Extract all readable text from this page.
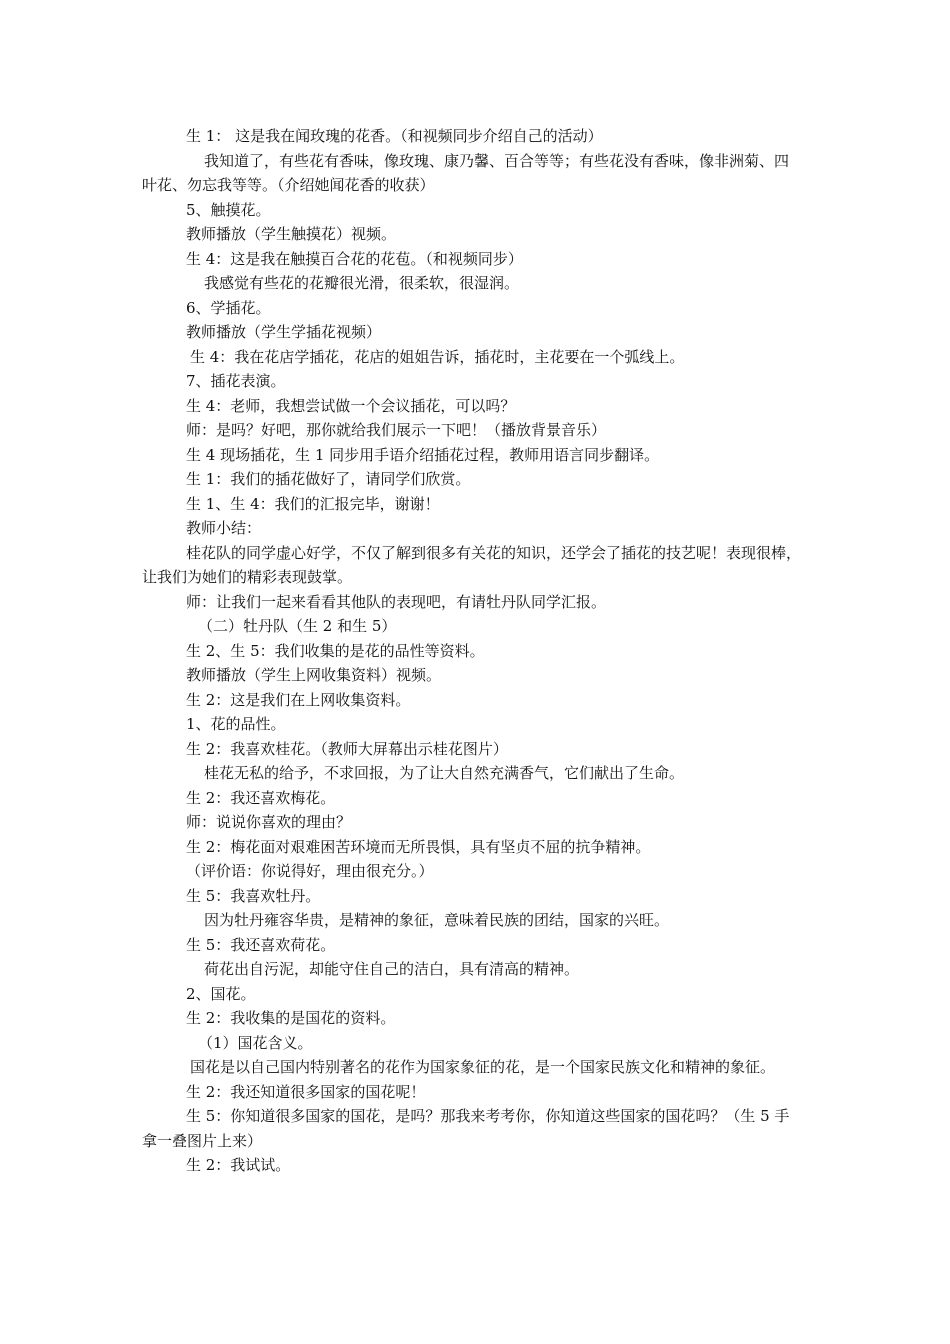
生 1： 这是我在闻玫瑰的花香。（和视频同步介绍自己的活动）

我知道了，有些花有香味，像玫瑰、康乃馨、百合等等；有些花没有香味，像非洲菊、四叶花、勿忘我等等。（介绍她闻花香的收获）

5、触摸花。

教师播放（学生触摸花）视频。

生 4：这是我在触摸百合花的花苞。（和视频同步）

我感觉有些花的花瓣很光滑，很柔软，很湿润。

6、学插花。

教师播放（学生学插花视频）

生 4：我在花店学插花，花店的姐姐告诉，插花时，主花要在一个弧线上。

7、插花表演。

生 4：老师，我想尝试做一个会议插花，可以吗？

师：是吗？好吧，那你就给我们展示一下吧！（播放背景音乐）

生 4 现场插花，生 1 同步用手语介绍插花过程，教师用语言同步翻译。

生 1：我们的插花做好了，请同学们欣赏。

生 1、生 4：我们的汇报完毕，谢谢！

教师小结：

桂花队的同学虚心好学，不仅了解到很多有关花的知识，还学会了插花的技艺呢！表现很棒，让我们为她们的精彩表现鼓掌。

师：让我们一起来看看其他队的表现吧，有请牡丹队同学汇报。

（二）牡丹队（生 2 和生 5）

生 2、生 5：我们收集的是花的品性等资料。

教师播放（学生上网收集资料）视频。

生 2：这是我们在上网收集资料。

1、花的品性。

生 2：我喜欢桂花。（教师大屏幕出示桂花图片）

桂花无私的给予，不求回报，为了让大自然充满香气，它们献出了生命。

生 2：我还喜欢梅花。

师：说说你喜欢的理由？

生 2：梅花面对艰难困苦环境而无所畏惧，具有坚贞不屈的抗争精神。

（评价语：你说得好，理由很充分。）

生 5：我喜欢牡丹。

因为牡丹雍容华贵，是精神的象征，意味着民族的团结，国家的兴旺。

生 5：我还喜欢荷花。

荷花出自污泥，却能守住自己的洁白，具有清高的精神。

2、国花。

生 2：我收集的是国花的资料。

（1）国花含义。

国花是以自己国内特别著名的花作为国家象征的花，是一个国家民族文化和精神的象征。

生 2：我还知道很多国家的国花呢！

生 5：你知道很多国家的国花，是吗？那我来考考你，你知道这些国家的国花吗？（生 5 手拿一叠图片上来）

生 2：我试试。
